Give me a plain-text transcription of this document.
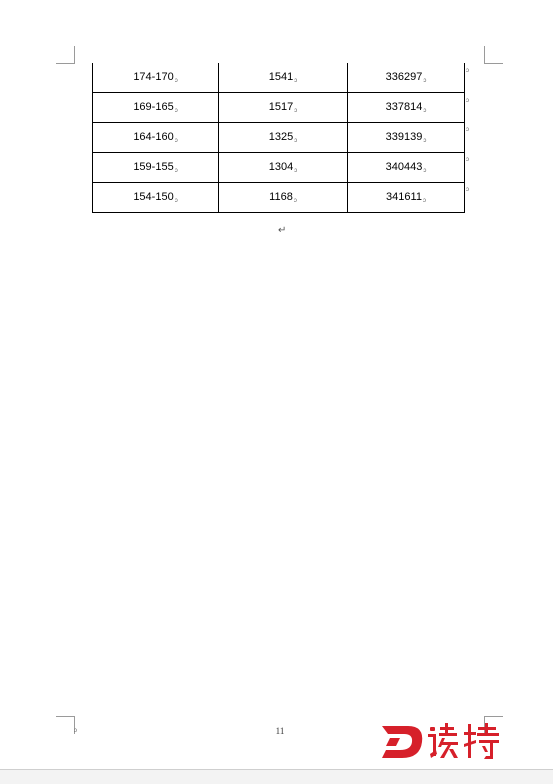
174-170ↄ	1541ↄ	336297ↄ
169-165ↄ	1517ↄ	337814ↄ
164-160ↄ	1325ↄ	339139ↄ
159-155ↄ	1304ↄ	340443ↄ
154-150ↄ	1168ↄ	341611ↄ
ↄ
ↄ
ↄ
ↄ
ↄ
↵
ↄ	11
